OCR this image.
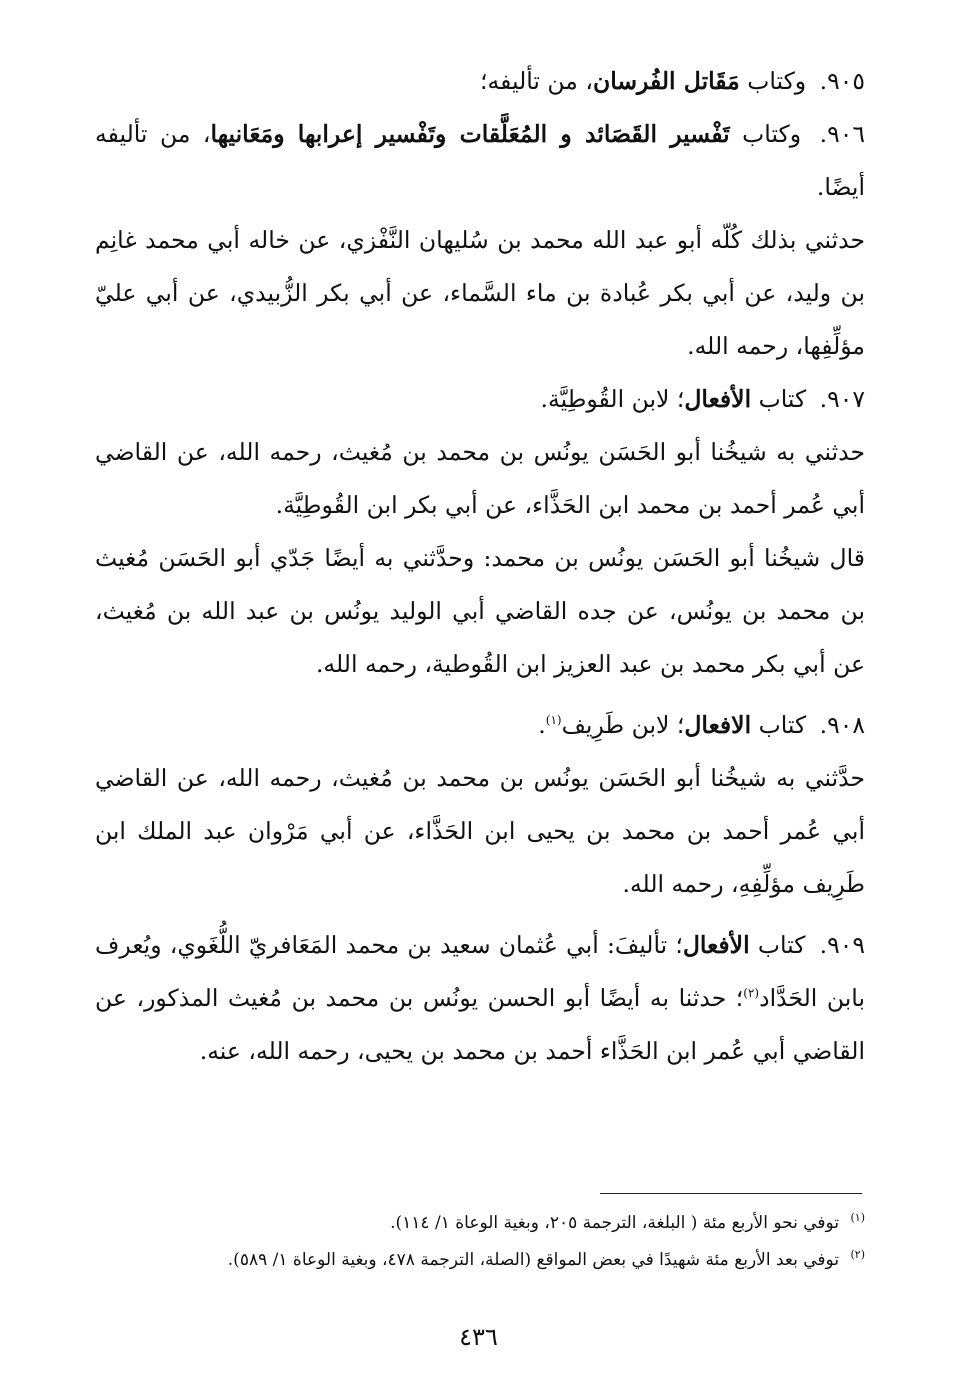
٩٠٥. وكتاب مَقَاتل الفُرسان، من تأليفه؛

٩٠٦. وكتاب تَفْسير القَصَائد و المُعَلَّقات وتَفْسير إعرابها ومَعَانيها، من تأليفه أيضًا.

حدثني بذلك كُلّه أبو عبد الله محمد بن سُليهان النَّفْزي، عن خاله أبي محمد غانِم بن وليد، عن أبي بكر عُبادة بن ماء السَّماء، عن أبي بكر الزُّبيدي، عن أبي عليّ مؤلِّفِها، رحمه الله.

٩٠٧. كتاب الأفعال؛ لابن القُوطِيَّة.

حدثني به شيخُنا أبو الحَسَن يونُس بن محمد بن مُغيث، رحمه الله، عن القاضي أبي عُمر أحمد بن محمد ابن الحَذَّاء، عن أبي بكر ابن القُوطِيَّة.

قال شيخُنا أبو الحَسَن يونُس بن محمد: وحدَّثني به أيضًا جَدّي أبو الحَسَن مُغيث بن محمد بن يونُس، عن جده القاضي أبي الوليد يونُس بن عبد الله بن مُغيث، عن أبي بكر محمد بن عبد العزيز ابن القُوطية، رحمه الله.

٩٠٨. كتاب الافعال؛ لابن طَرِيف$^{(١)}$.

حدَّثني به شيخُنا أبو الحَسَن يونُس بن محمد بن مُغيث، رحمه الله، عن القاضي أبي عُمر أحمد بن محمد بن يحيى ابن الحَذَّاء، عن أبي مَرْوان عبد الملك ابن طَرِيف مؤلِّفِهِ، رحمه الله.

٩٠٩. كتاب الأفعال؛ تأليفَ: أبي عُثمان سعيد بن محمد المَعَافريّ اللُّغَوي، ويُعرف بابن الحَدَّاد$^{(٢)}$؛ حدثنا به أيضًا أبو الحسن يونُس بن محمد بن مُغيث المذكور، عن القاضي أبي عُمر ابن الحَذَّاء أحمد بن محمد بن يحيى، رحمه الله، عنه.

$^{(١)}$ توفي نحو الأربع مئة ( البلغة، الترجمة ٢٠٥، وبغية الوعاة ١/ ١١٤).

$^{(٢)}$ توفي بعد الأربع مئة شهيدًا في بعض المواقع (الصلة، الترجمة ٤٧٨، وبغية الوعاة ١/ ٥٨٩).

٤٣٦
